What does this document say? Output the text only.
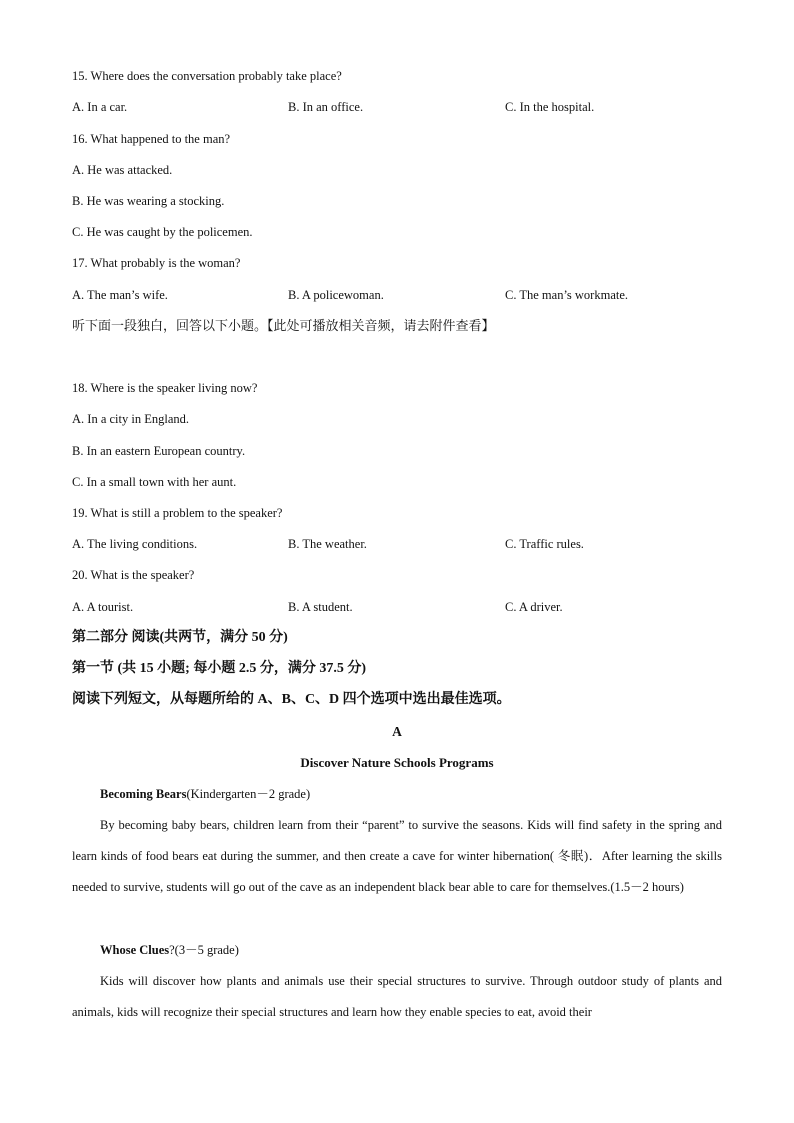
15. Where does the conversation probably take place?
A. In a car.	B. In an office.	C. In the hospital.
16. What happened to the man?
A. He was attacked.
B. He was wearing a stocking.
C. He was caught by the policemen.
17. What probably is the woman?
A. The man’s wife.	B. A policewoman.	C. The man’s workmate.
听下面一段独白，回答以下小题。【此处可播放相关音频，请去附件查看】
18. Where is the speaker living now?
A. In a city in England.
B. In an eastern European country.
C. In a small town with her aunt.
19. What is still a problem to the speaker?
A. The living conditions.	B. The weather.	C. Traffic rules.
20. What is the speaker?
A. A tourist.	B. A student.	C. A driver.
第二部分 阅读(共两节，满分 50 分)
第一节 (共 15 小题; 每小题 2.5 分，满分 37.5 分)
阅读下列短文，从每题所给的 A、B、C、D 四个选项中选出最佳选项。
A
Discover Nature Schools Programs
Becoming Bears(Kindergarten－2 grade)
By becoming baby bears, children learn from their “parent” to survive the seasons. Kids will find safety in the spring and learn kinds of food bears eat during the summer, and then create a cave for winter hibernation( 冬眠)．After learning the skills needed to survive, students will go out of the cave as an independent black bear able to care for themselves.(1.5－2 hours)
Whose Clues?(3－5 grade)
Kids will discover how plants and animals use their special structures to survive. Through outdoor study of plants and animals, kids will recognize their special structures and learn how they enable species to eat, avoid their
